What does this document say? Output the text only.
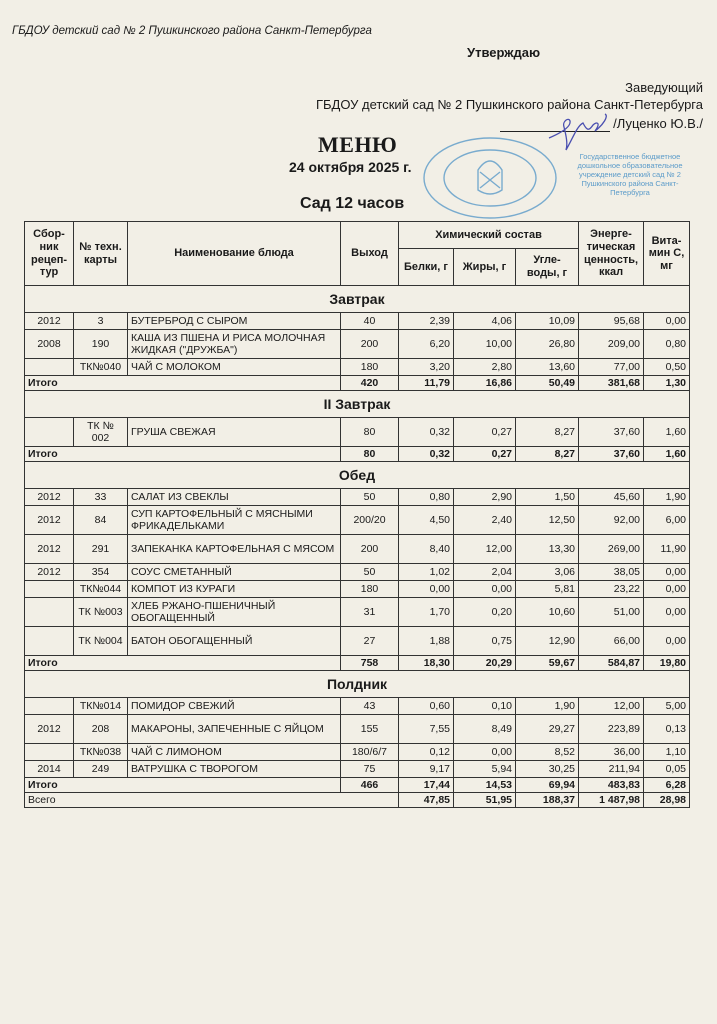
ГБДОУ детский сад № 2 Пушкинского района Санкт-Петербурга
Утверждаю
Заведующий
ГБДОУ детский сад № 2 Пушкинского района Санкт-Петербурга
/Луценко Ю.В./
Государственное бюджетное дошкольное образовательное учреждение детский сад № 2 Пушкинского района Санкт-Петербурга
МЕНЮ
24 октября 2025 г.
Сад 12 часов
Сбор-ник рецеп-тур	№ техн. карты	Наименование блюда	Выход	Химический состав			Энерге-тическая ценность, ккал	Вита-мин С, мг
				Белки, г	Жиры, г	Угле-воды, г		
Завтрак								
2012	3	БУТЕРБРОД С СЫРОМ	40	2,39	4,06	10,09	95,68	0,00
2008	190	КАША ИЗ ПШЕНА И РИСА МОЛОЧНАЯ ЖИДКАЯ ("ДРУЖБА")	200	6,20	10,00	26,80	209,00	0,80
	ТК№040	ЧАЙ С МОЛОКОМ	180	3,20	2,80	13,60	77,00	0,50
Итого			420	11,79	16,86	50,49	381,68	1,30
II Завтрак								
	ТК № 002	ГРУША СВЕЖАЯ	80	0,32	0,27	8,27	37,60	1,60
Итого			80	0,32	0,27	8,27	37,60	1,60
Обед								
2012	33	САЛАТ ИЗ СВЕКЛЫ	50	0,80	2,90	1,50	45,60	1,90
2012	84	СУП КАРТОФЕЛЬНЫЙ С МЯСНЫМИ ФРИКАДЕЛЬКАМИ	200/20	4,50	2,40	12,50	92,00	6,00
2012	291	ЗАПЕКАНКА КАРТОФЕЛЬНАЯ С МЯСОМ	200	8,40	12,00	13,30	269,00	11,90
2012	354	СОУС СМЕТАННЫЙ	50	1,02	2,04	3,06	38,05	0,00
	ТК№044	КОМПОТ ИЗ КУРАГИ	180	0,00	0,00	5,81	23,22	0,00
	ТК №003	ХЛЕБ РЖАНО-ПШЕНИЧНЫЙ ОБОГАЩЕННЫЙ	31	1,70	0,20	10,60	51,00	0,00
	ТК №004	БАТОН ОБОГАЩЕННЫЙ	27	1,88	0,75	12,90	66,00	0,00
Итого			758	18,30	20,29	59,67	584,87	19,80
Полдник								
	ТК№014	ПОМИДОР СВЕЖИЙ	43	0,60	0,10	1,90	12,00	5,00
2012	208	МАКАРОНЫ, ЗАПЕЧЕННЫЕ С ЯЙЦОМ	155	7,55	8,49	29,27	223,89	0,13
	ТК№038	ЧАЙ С ЛИМОНОМ	180/6/7	0,12	0,00	8,52	36,00	1,10
2014	249	ВАТРУШКА С ТВОРОГОМ	75	9,17	5,94	30,25	211,94	0,05
Итого			466	17,44	14,53	69,94	483,83	6,28
Всего				47,85	51,95	188,37	1 487,98	28,98
